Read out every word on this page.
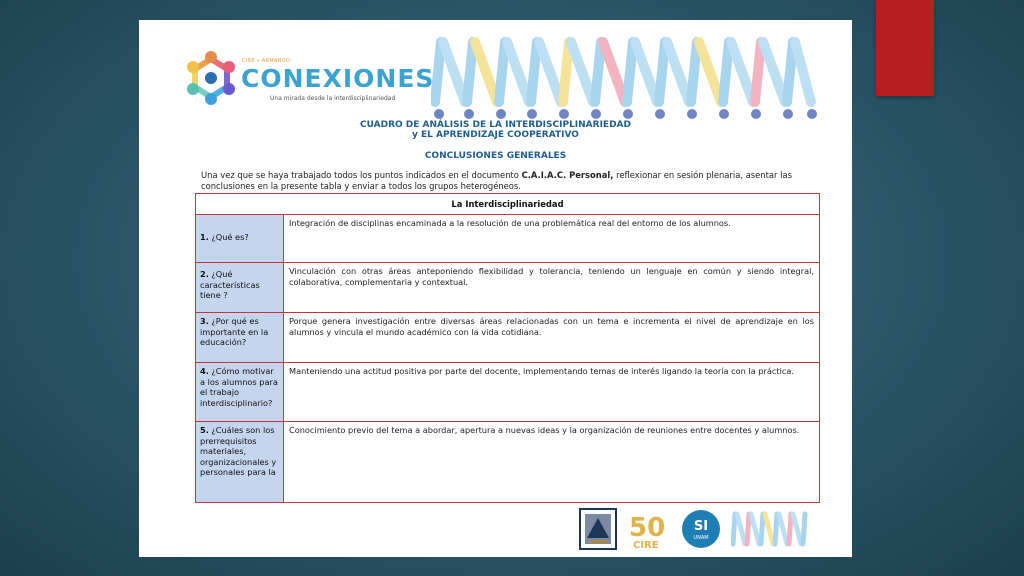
CIRE • ARMANDO
CONEXIONES
Una mirada desde la interdisciplinariedad
CUADRO DE ANÁLISIS DE LA INTERDISCIPLINARIEDAD
y EL APRENDIZAJE COOPERATIVO
CONCLUSIONES GENERALES
Una vez que se haya trabajado todos los puntos indicados en el documento C.A.I.A.C. Personal, reflexionar en sesión plenaria, asentar las conclusiones en la presente tabla y enviar a todos los grupos heterogéneos.
La Interdisciplinariedad
1. ¿Qué es?
Integración de disciplinas encaminada a la resolución de una problemática real del entorno de los alumnos.
2. ¿Qué características tiene ?
Vinculación con otras áreas anteponiendo flexibilidad y tolerancia, teniendo un lenguaje en común y siendo integral, colaborativa, complementaria y contextual.
3. ¿Por qué es importante en la educación?
Porque genera investigación entre diversas áreas relacionadas con un tema e incrementa el nivel de aprendizaje en los alumnos y vincula el mundo académico con la vida cotidiana.
4. ¿Cómo motivar a los alumnos para el trabajo interdisciplinario?
Manteniendo una actitud positiva por parte del docente, implementando temas de interés ligando la teoría con la práctica.
5. ¿Cuáles son los prerrequisitos materiales, organizacionales y personales para la
Conocimiento previo del tema a abordar, apertura a nuevas ideas y la organización de reuniones entre docentes y alumnos.
50
CIRE
SI
UNAM
